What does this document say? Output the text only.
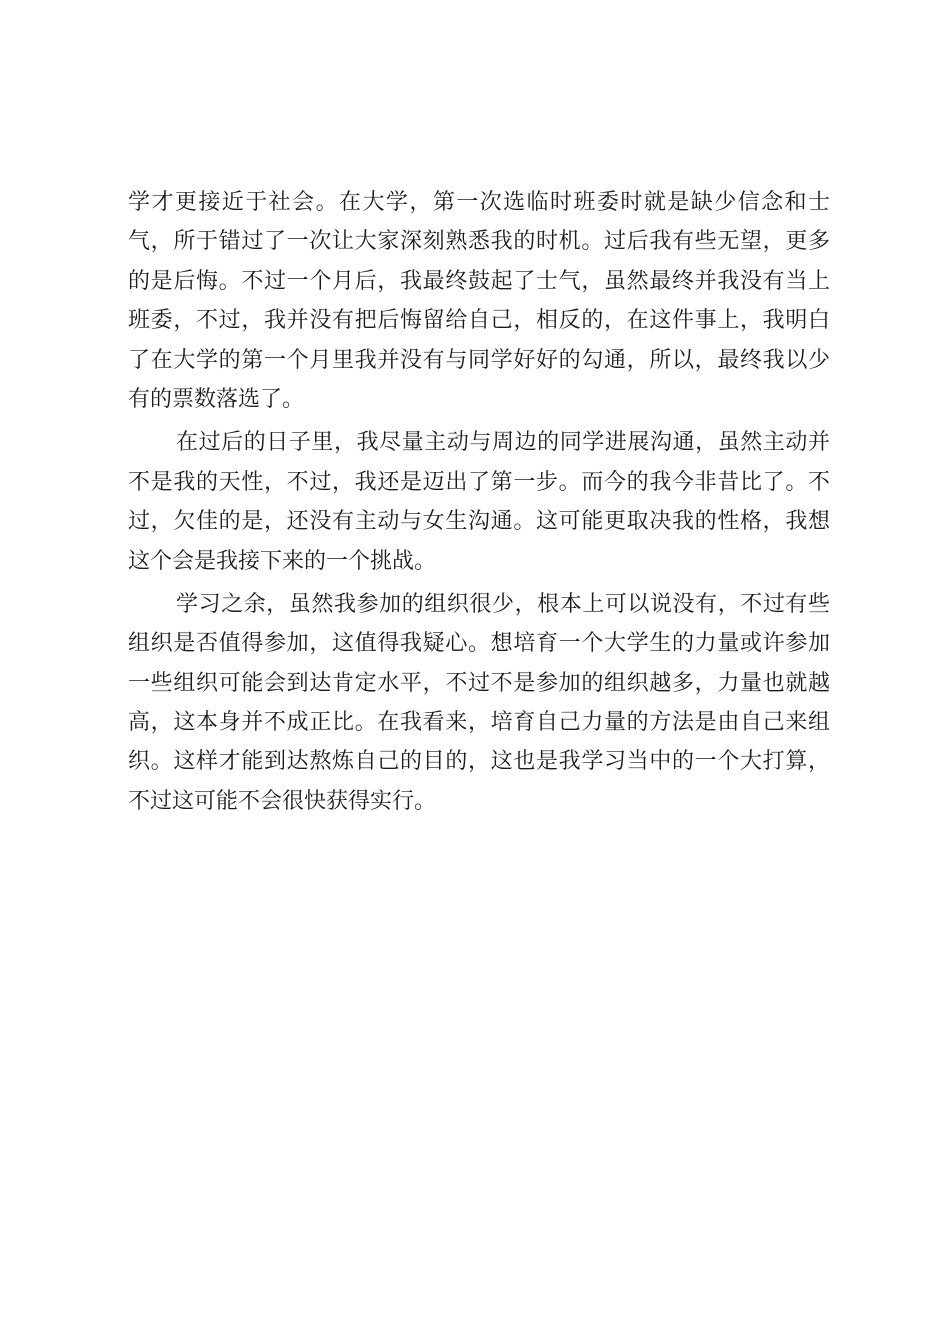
学才更接近于社会。在大学，第一次选临时班委时就是缺少信念和士
气，所于错过了一次让大家深刻熟悉我的时机。过后我有些无望，更多
的是后悔。不过一个月后，我最终鼓起了士气，虽然最终并我没有当上
班委，不过，我并没有把后悔留给自己，相反的，在这件事上，我明白
了在大学的第一个月里我并没有与同学好好的勾通，所以，最终我以少
有的票数落选了。
在过后的日子里，我尽量主动与周边的同学进展沟通，虽然主动并
不是我的天性，不过，我还是迈出了第一步。而今的我今非昔比了。不
过，欠佳的是，还没有主动与女生沟通。这可能更取决我的性格，我想
这个会是我接下来的一个挑战。
学习之余，虽然我参加的组织很少，根本上可以说没有，不过有些
组织是否值得参加，这值得我疑心。想培育一个大学生的力量或许参加
一些组织可能会到达肯定水平，不过不是参加的组织越多，力量也就越
高，这本身并不成正比。在我看来，培育自己力量的方法是由自己来组
织。这样才能到达熬炼自己的目的，这也是我学习当中的一个大打算，
不过这可能不会很快获得实行。
